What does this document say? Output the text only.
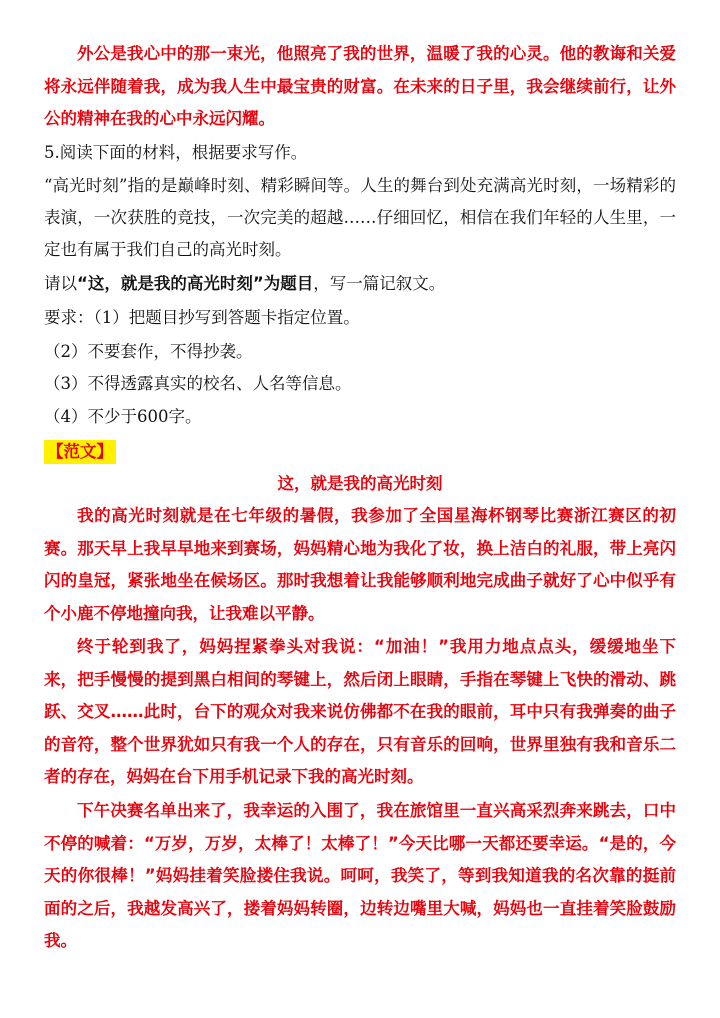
外公是我心中的那一束光，他照亮了我的世界，温暖了我的心灵。他的教诲和关爱将永远伴随着我，成为我人生中最宝贵的财富。在未来的日子里，我会继续前行，让外公的精神在我的心中永远闪耀。

5.阅读下面的材料，根据要求写作。

“高光时刻”指的是巅峰时刻、精彩瞬间等。人生的舞台到处充满高光时刻，一场精彩的表演，一次获胜的竞技，一次完美的超越……仔细回忆，相信在我们年轻的人生里，一定也有属于我们自己的高光时刻。

请以“这，就是我的高光时刻”为题目，写一篇记叙文。

要求：（1）把题目抄写到答题卡指定位置。

（2）不要套作，不得抄袭。

（3）不得透露真实的校名、人名等信息。

（4）不少于600字。

【范文】
这，就是我的高光时刻

我的高光时刻就是在七年级的暑假，我参加了全国星海杯钢琴比赛浙江赛区的初赛。那天早上我早早地来到赛场，妈妈精心地为我化了妆，换上洁白的礼服，带上亮闪闪的皇冠，紧张地坐在候场区。那时我想着让我能够顺利地完成曲子就好了心中似乎有个小鹿不停地撞向我，让我难以平静。

终于轮到我了，妈妈捏紧拳头对我说：“加油！”我用力地点点头，缓缓地坐下来，把手慢慢的提到黑白相间的琴键上，然后闭上眼睛，手指在琴键上飞快的滑动、跳跃、交叉……此时，台下的观众对我来说仿佛都不在我的眼前，耳中只有我弹奏的曲子的音符，整个世界犹如只有我一个人的存在，只有音乐的回响，世界里独有我和音乐二者的存在，妈妈在台下用手机记录下我的高光时刻。

下午决赛名单出来了，我幸运的入围了，我在旅馆里一直兴高采烈奔来跳去，口中不停的喊着：“万岁，万岁，太棒了！太棒了！”今天比哪一天都还要幸运。“是的，今天的你很棒！”妈妈挂着笑脸搂住我说。呵呵，我笑了，等到我知道我的名次靠的挺前面的之后，我越发高兴了，搂着妈妈转圈，边转边嘴里大喊，妈妈也一直挂着笑脸鼓励我。
